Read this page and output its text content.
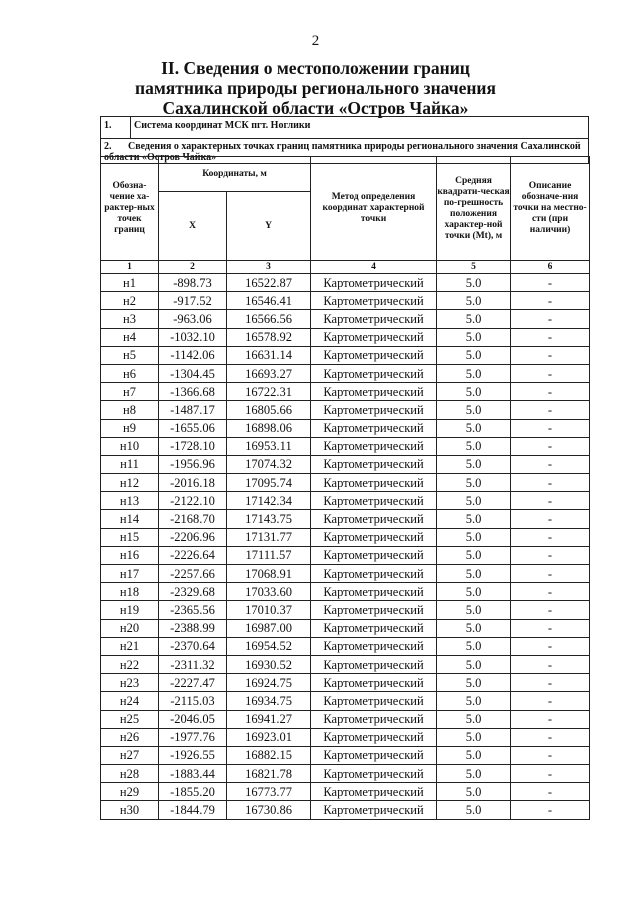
2
II. Сведения о местоположении границ
памятника природы регионального значения
Сахалинской области «Остров Чайка»
1.	Система координат МСК пгт. Ноглики
2. Сведения о характерных точках границ памятника природы регионального значения Сахалинской области «Остров Чайка»
Обозна-чение ха-рактер-ных точек границ	Координаты, м		Метод определения координат характерной точки	Средняя квадрати-ческая по-грешность положения характер-ной точки (Mt), м	Описание обозначе-ния точки на местно-сти (при наличии)
	X	Y			
1	2	3	4	5	6
н1	-898.73	16522.87	Картометрический	5.0	-
н2	-917.52	16546.41	Картометрический	5.0	-
н3	-963.06	16566.56	Картометрический	5.0	-
н4	-1032.10	16578.92	Картометрический	5.0	-
н5	-1142.06	16631.14	Картометрический	5.0	-
н6	-1304.45	16693.27	Картометрический	5.0	-
н7	-1366.68	16722.31	Картометрический	5.0	-
н8	-1487.17	16805.66	Картометрический	5.0	-
н9	-1655.06	16898.06	Картометрический	5.0	-
н10	-1728.10	16953.11	Картометрический	5.0	-
н11	-1956.96	17074.32	Картометрический	5.0	-
н12	-2016.18	17095.74	Картометрический	5.0	-
н13	-2122.10	17142.34	Картометрический	5.0	-
н14	-2168.70	17143.75	Картометрический	5.0	-
н15	-2206.96	17131.77	Картометрический	5.0	-
н16	-2226.64	17111.57	Картометрический	5.0	-
н17	-2257.66	17068.91	Картометрический	5.0	-
н18	-2329.68	17033.60	Картометрический	5.0	-
н19	-2365.56	17010.37	Картометрический	5.0	-
н20	-2388.99	16987.00	Картометрический	5.0	-
н21	-2370.64	16954.52	Картометрический	5.0	-
н22	-2311.32	16930.52	Картометрический	5.0	-
н23	-2227.47	16924.75	Картометрический	5.0	-
н24	-2115.03	16934.75	Картометрический	5.0	-
н25	-2046.05	16941.27	Картометрический	5.0	-
н26	-1977.76	16923.01	Картометрический	5.0	-
н27	-1926.55	16882.15	Картометрический	5.0	-
н28	-1883.44	16821.78	Картометрический	5.0	-
н29	-1855.20	16773.77	Картометрический	5.0	-
н30	-1844.79	16730.86	Картометрический	5.0	-
